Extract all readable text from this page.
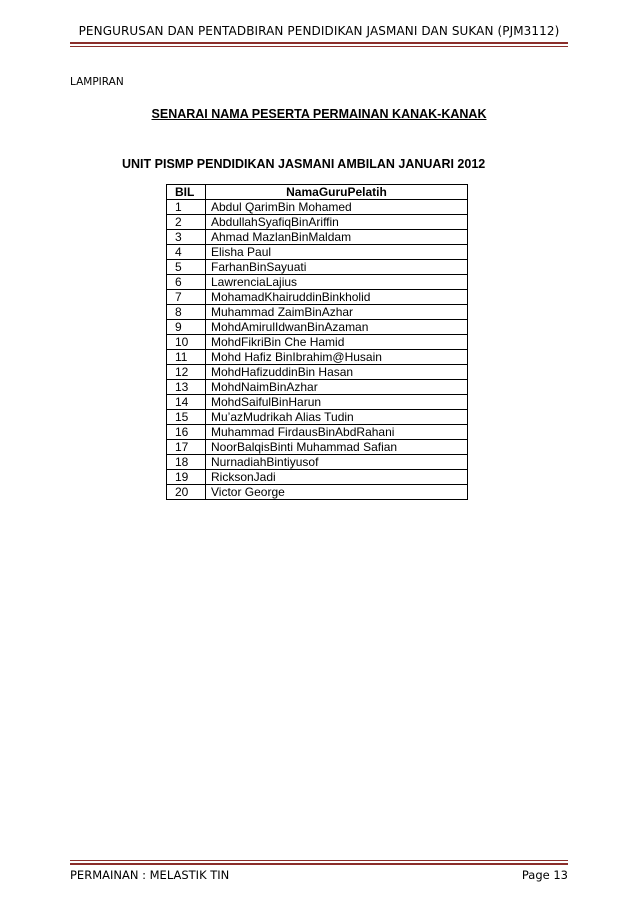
PENGURUSAN DAN PENTADBIRAN PENDIDIKAN JASMANI DAN SUKAN (PJM3112)
LAMPIRAN
SENARAI NAMA PESERTA PERMAINAN KANAK-KANAK
UNIT PISMP PENDIDIKAN JASMANI AMBILAN JANUARI 2012
BIL	NamaGuruPelatih
1	Abdul QarimBin Mohamed
2	AbdullahSyafiqBinAriffin
3	Ahmad MazlanBinMaldam
4	Elisha Paul
5	FarhanBinSayuati
6	LawrenciaLajius
7	MohamadKhairuddinBinkholid
8	Muhammad ZaimBinAzhar
9	MohdAmirulIdwanBinAzaman
10	MohdFikriBin Che Hamid
11	Mohd Hafiz BinIbrahim@Husain
12	MohdHafizuddinBin Hasan
13	MohdNaimBinAzhar
14	MohdSaifulBinHarun
15	Mu’azMudrikah Alias Tudin
16	Muhammad FirdausBinAbdRahani
17	NoorBalqisBinti Muhammad Safian
18	NurnadiahBintiyusof
19	RicksonJadi
20	Victor George
PERMAINAN : MELASTIK TIN	Page 13
